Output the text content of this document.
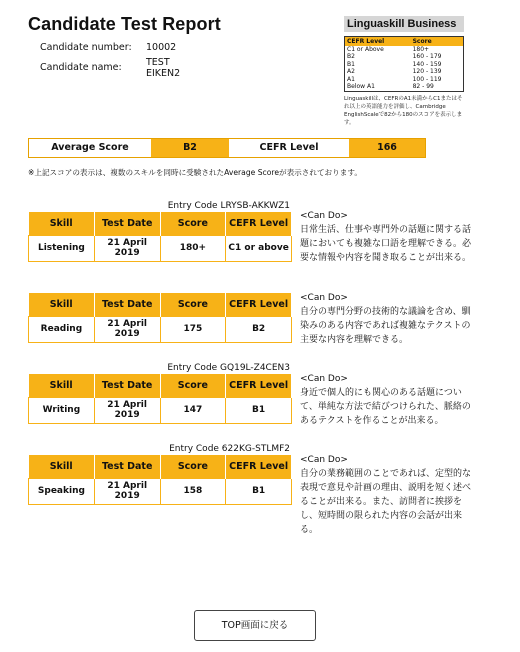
Candidate Test Report
Candidate number: 10002
Candidate name:	TEST
EIKEN2
Linguaskill Business
CEFR Level	Score
C1 or Above	180+
B2	160 - 179
B1	140 - 159
A2	120 - 139
A1	100 - 119
Below A1	82 - 99
Linguaskillは、CEFRのA1未満からC1またはそれ以上の英語能力を評価し、Cambridge EnglishScaleで82から180のスコアを表示します。
Average Score	B2	CEFR Level	166
※上記スコアの表示は、複数のスキルを同時に受験されたAverage Scoreが表示されております。
Entry Code LRYSB-AKKWZ1
Skill	Test Date	Score	CEFR Level
Listening	21 April 2019	180+	C1 or above
<Can Do>
日常生活、仕事や専門外の話題に関する話
題においても複雑な口語を理解できる。必
要な情報や内容を聞き取ることが出来る。
Skill	Test Date	Score	CEFR Level
Reading	21 April 2019	175	B2
<Can Do>
自分の専門分野の技術的な議論を含め、馴
染みのある内容であれば複雑なテクストの
主要な内容を理解できる。
Entry Code GQ19L-Z4CEN3
Skill	Test Date	Score	CEFR Level
Writing	21 April 2019	147	B1
<Can Do>
身近で個人的にも関心のある話題につい
て、単純な方法で結びつけられた、脈絡の
あるテクストを作ることが出来る。
Entry Code 622KG-STLMF2
Skill	Test Date	Score	CEFR Level
Speaking	21 April 2019	158	B1
<Can Do>
自分の業務範囲のことであれば、定型的な
表現で意見や計画の理由、説明を短く述べ
ることが出来る。また、訪問者に挨拶を
し、短時間の限られた内容の会話が出来
る。
TOP画面に戻る
